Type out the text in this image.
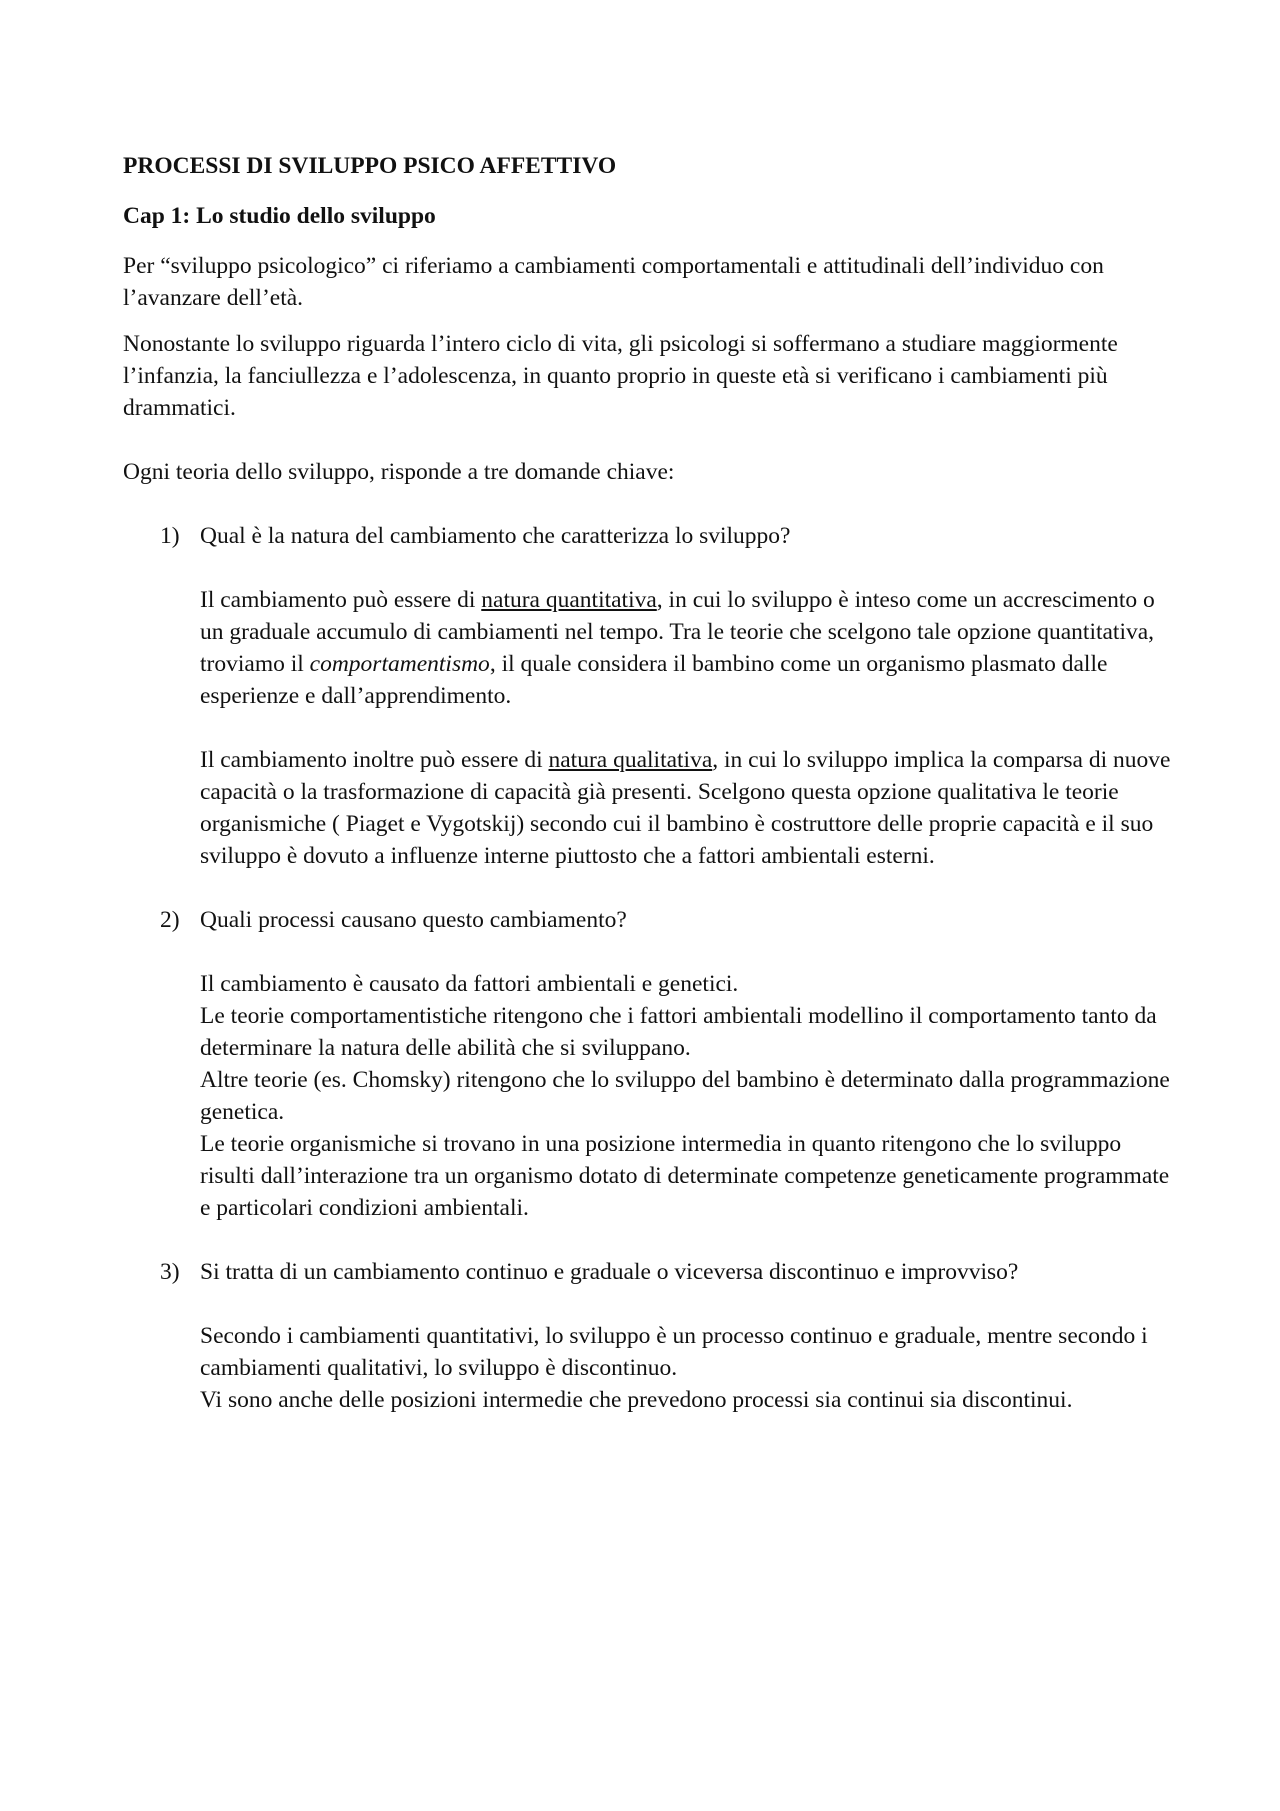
PROCESSI DI SVILUPPO PSICO AFFETTIVO
Cap 1: Lo studio dello sviluppo

Per “sviluppo psicologico” ci riferiamo a cambiamenti comportamentali e attitudinali dell’individuo con l’avanzare dell’età.

Nonostante lo sviluppo riguarda l’intero ciclo di vita, gli psicologi si soffermano a studiare maggiormente l’infanzia, la fanciullezza e l’adolescenza, in quanto proprio in queste età si verificano i cambiamenti più drammatici.

Ogni teoria dello sviluppo, risponde a tre domande chiave:

1) Qual è la natura del cambiamento che caratterizza lo sviluppo?
Il cambiamento può essere di natura quantitativa, in cui lo sviluppo è inteso come un accrescimento o un graduale accumulo di cambiamenti nel tempo. Tra le teorie che scelgono tale opzione quantitativa, troviamo il comportamentismo, il quale considera il bambino come un organismo plasmato dalle esperienze e dall’apprendimento.
Il cambiamento inoltre può essere di natura qualitativa, in cui lo sviluppo implica la comparsa di nuove capacità o la trasformazione di capacità già presenti. Scelgono questa opzione qualitativa le teorie organismiche ( Piaget e Vygotskij) secondo cui il bambino è costruttore delle proprie capacità e il suo sviluppo è dovuto a influenze interne piuttosto che a fattori ambientali esterni.
2) Quali processi causano questo cambiamento?
Il cambiamento è causato da fattori ambientali e genetici.
Le teorie comportamentistiche ritengono che i fattori ambientali modellino il comportamento tanto da determinare la natura delle abilità che si sviluppano.
Altre teorie (es. Chomsky) ritengono che lo sviluppo del bambino è determinato dalla programmazione genetica.
Le teorie organismiche si trovano in una posizione intermedia in quanto ritengono che lo sviluppo risulti dall’interazione tra un organismo dotato di determinate competenze geneticamente programmate e particolari condizioni ambientali.
3) Si tratta di un cambiamento continuo e graduale o viceversa discontinuo e improvviso?
Secondo i cambiamenti quantitativi, lo sviluppo è un processo continuo e graduale, mentre secondo i cambiamenti qualitativi, lo sviluppo è discontinuo.
Vi sono anche delle posizioni intermedie che prevedono processi sia continui sia discontinui.
